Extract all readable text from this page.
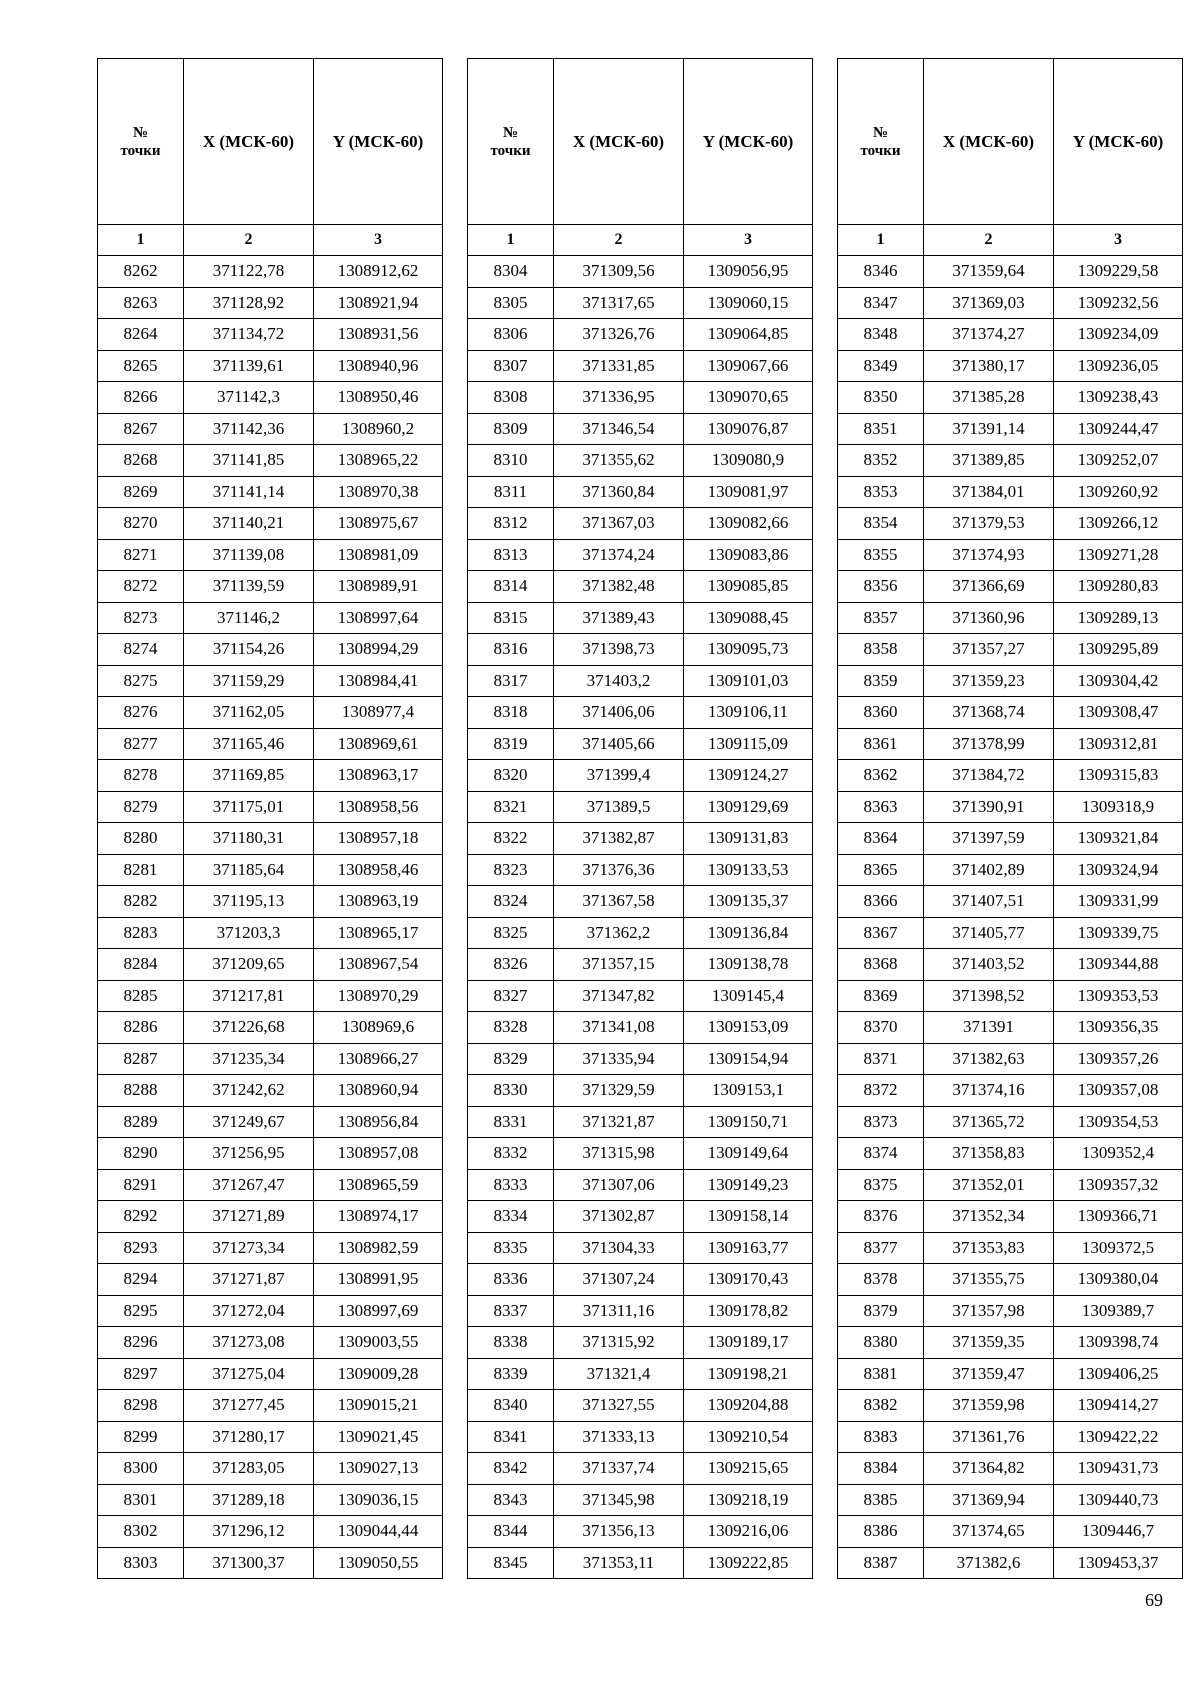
№
точки	X (МСК-60)	Y (МСК-60)
1	2	3
8262	371122,78	1308912,62
8263	371128,92	1308921,94
8264	371134,72	1308931,56
8265	371139,61	1308940,96
8266	371142,3	1308950,46
8267	371142,36	1308960,2
8268	371141,85	1308965,22
8269	371141,14	1308970,38
8270	371140,21	1308975,67
8271	371139,08	1308981,09
8272	371139,59	1308989,91
8273	371146,2	1308997,64
8274	371154,26	1308994,29
8275	371159,29	1308984,41
8276	371162,05	1308977,4
8277	371165,46	1308969,61
8278	371169,85	1308963,17
8279	371175,01	1308958,56
8280	371180,31	1308957,18
8281	371185,64	1308958,46
8282	371195,13	1308963,19
8283	371203,3	1308965,17
8284	371209,65	1308967,54
8285	371217,81	1308970,29
8286	371226,68	1308969,6
8287	371235,34	1308966,27
8288	371242,62	1308960,94
8289	371249,67	1308956,84
8290	371256,95	1308957,08
8291	371267,47	1308965,59
8292	371271,89	1308974,17
8293	371273,34	1308982,59
8294	371271,87	1308991,95
8295	371272,04	1308997,69
8296	371273,08	1309003,55
8297	371275,04	1309009,28
8298	371277,45	1309015,21
8299	371280,17	1309021,45
8300	371283,05	1309027,13
8301	371289,18	1309036,15
8302	371296,12	1309044,44
8303	371300,37	1309050,55
№
точки	X (МСК-60)	Y (МСК-60)
1	2	3
8304	371309,56	1309056,95
8305	371317,65	1309060,15
8306	371326,76	1309064,85
8307	371331,85	1309067,66
8308	371336,95	1309070,65
8309	371346,54	1309076,87
8310	371355,62	1309080,9
8311	371360,84	1309081,97
8312	371367,03	1309082,66
8313	371374,24	1309083,86
8314	371382,48	1309085,85
8315	371389,43	1309088,45
8316	371398,73	1309095,73
8317	371403,2	1309101,03
8318	371406,06	1309106,11
8319	371405,66	1309115,09
8320	371399,4	1309124,27
8321	371389,5	1309129,69
8322	371382,87	1309131,83
8323	371376,36	1309133,53
8324	371367,58	1309135,37
8325	371362,2	1309136,84
8326	371357,15	1309138,78
8327	371347,82	1309145,4
8328	371341,08	1309153,09
8329	371335,94	1309154,94
8330	371329,59	1309153,1
8331	371321,87	1309150,71
8332	371315,98	1309149,64
8333	371307,06	1309149,23
8334	371302,87	1309158,14
8335	371304,33	1309163,77
8336	371307,24	1309170,43
8337	371311,16	1309178,82
8338	371315,92	1309189,17
8339	371321,4	1309198,21
8340	371327,55	1309204,88
8341	371333,13	1309210,54
8342	371337,74	1309215,65
8343	371345,98	1309218,19
8344	371356,13	1309216,06
8345	371353,11	1309222,85
№
точки	X (МСК-60)	Y (МСК-60)
1	2	3
8346	371359,64	1309229,58
8347	371369,03	1309232,56
8348	371374,27	1309234,09
8349	371380,17	1309236,05
8350	371385,28	1309238,43
8351	371391,14	1309244,47
8352	371389,85	1309252,07
8353	371384,01	1309260,92
8354	371379,53	1309266,12
8355	371374,93	1309271,28
8356	371366,69	1309280,83
8357	371360,96	1309289,13
8358	371357,27	1309295,89
8359	371359,23	1309304,42
8360	371368,74	1309308,47
8361	371378,99	1309312,81
8362	371384,72	1309315,83
8363	371390,91	1309318,9
8364	371397,59	1309321,84
8365	371402,89	1309324,94
8366	371407,51	1309331,99
8367	371405,77	1309339,75
8368	371403,52	1309344,88
8369	371398,52	1309353,53
8370	371391	1309356,35
8371	371382,63	1309357,26
8372	371374,16	1309357,08
8373	371365,72	1309354,53
8374	371358,83	1309352,4
8375	371352,01	1309357,32
8376	371352,34	1309366,71
8377	371353,83	1309372,5
8378	371355,75	1309380,04
8379	371357,98	1309389,7
8380	371359,35	1309398,74
8381	371359,47	1309406,25
8382	371359,98	1309414,27
8383	371361,76	1309422,22
8384	371364,82	1309431,73
8385	371369,94	1309440,73
8386	371374,65	1309446,7
8387	371382,6	1309453,37
69
